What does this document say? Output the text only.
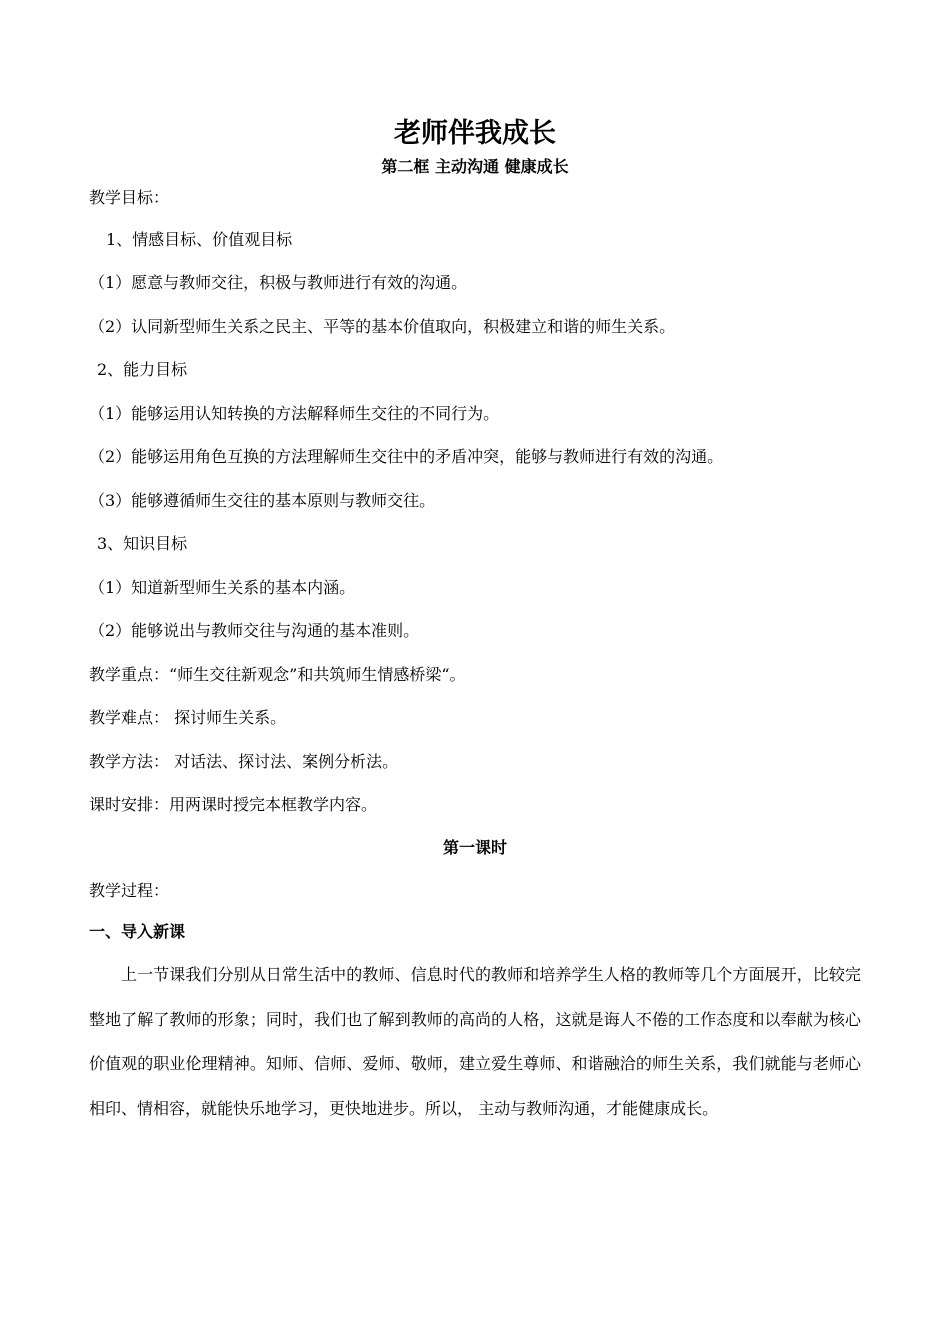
老师伴我成长
第二框 主动沟通 健康成长

教学目标：

1、情感目标、价值观目标

（1）愿意与教师交往，积极与教师进行有效的沟通。

（2）认同新型师生关系之民主、平等的基本价值取向，积极建立和谐的师生关系。

2、能力目标

（1）能够运用认知转换的方法解释师生交往的不同行为。

（2）能够运用角色互换的方法理解师生交往中的矛盾冲突，能够与教师进行有效的沟通。

（3）能够遵循师生交往的基本原则与教师交往。

3、知识目标

（1）知道新型师生关系的基本内涵。

（2）能够说出与教师交往与沟通的基本准则。

教学重点：“师生交往新观念”和共筑师生情感桥梁“。

教学难点： 探讨师生关系。

教学方法： 对话法、探讨法、案例分析法。

课时安排：用两课时授完本框教学内容。

第一课时

教学过程：

一、导入新课

上一节课我们分别从日常生活中的教师、信息时代的教师和培养学生人格的教师等几个方面展开，比较完整地了解了教师的形象；同时，我们也了解到教师的高尚的人格，这就是诲人不倦的工作态度和以奉献为核心价值观的职业伦理精神。知师、信师、爱师、敬师，建立爱生尊师、和谐融洽的师生关系，我们就能与老师心相印、情相容，就能快乐地学习，更快地进步。所以， 主动与教师沟通，才能健康成长。
